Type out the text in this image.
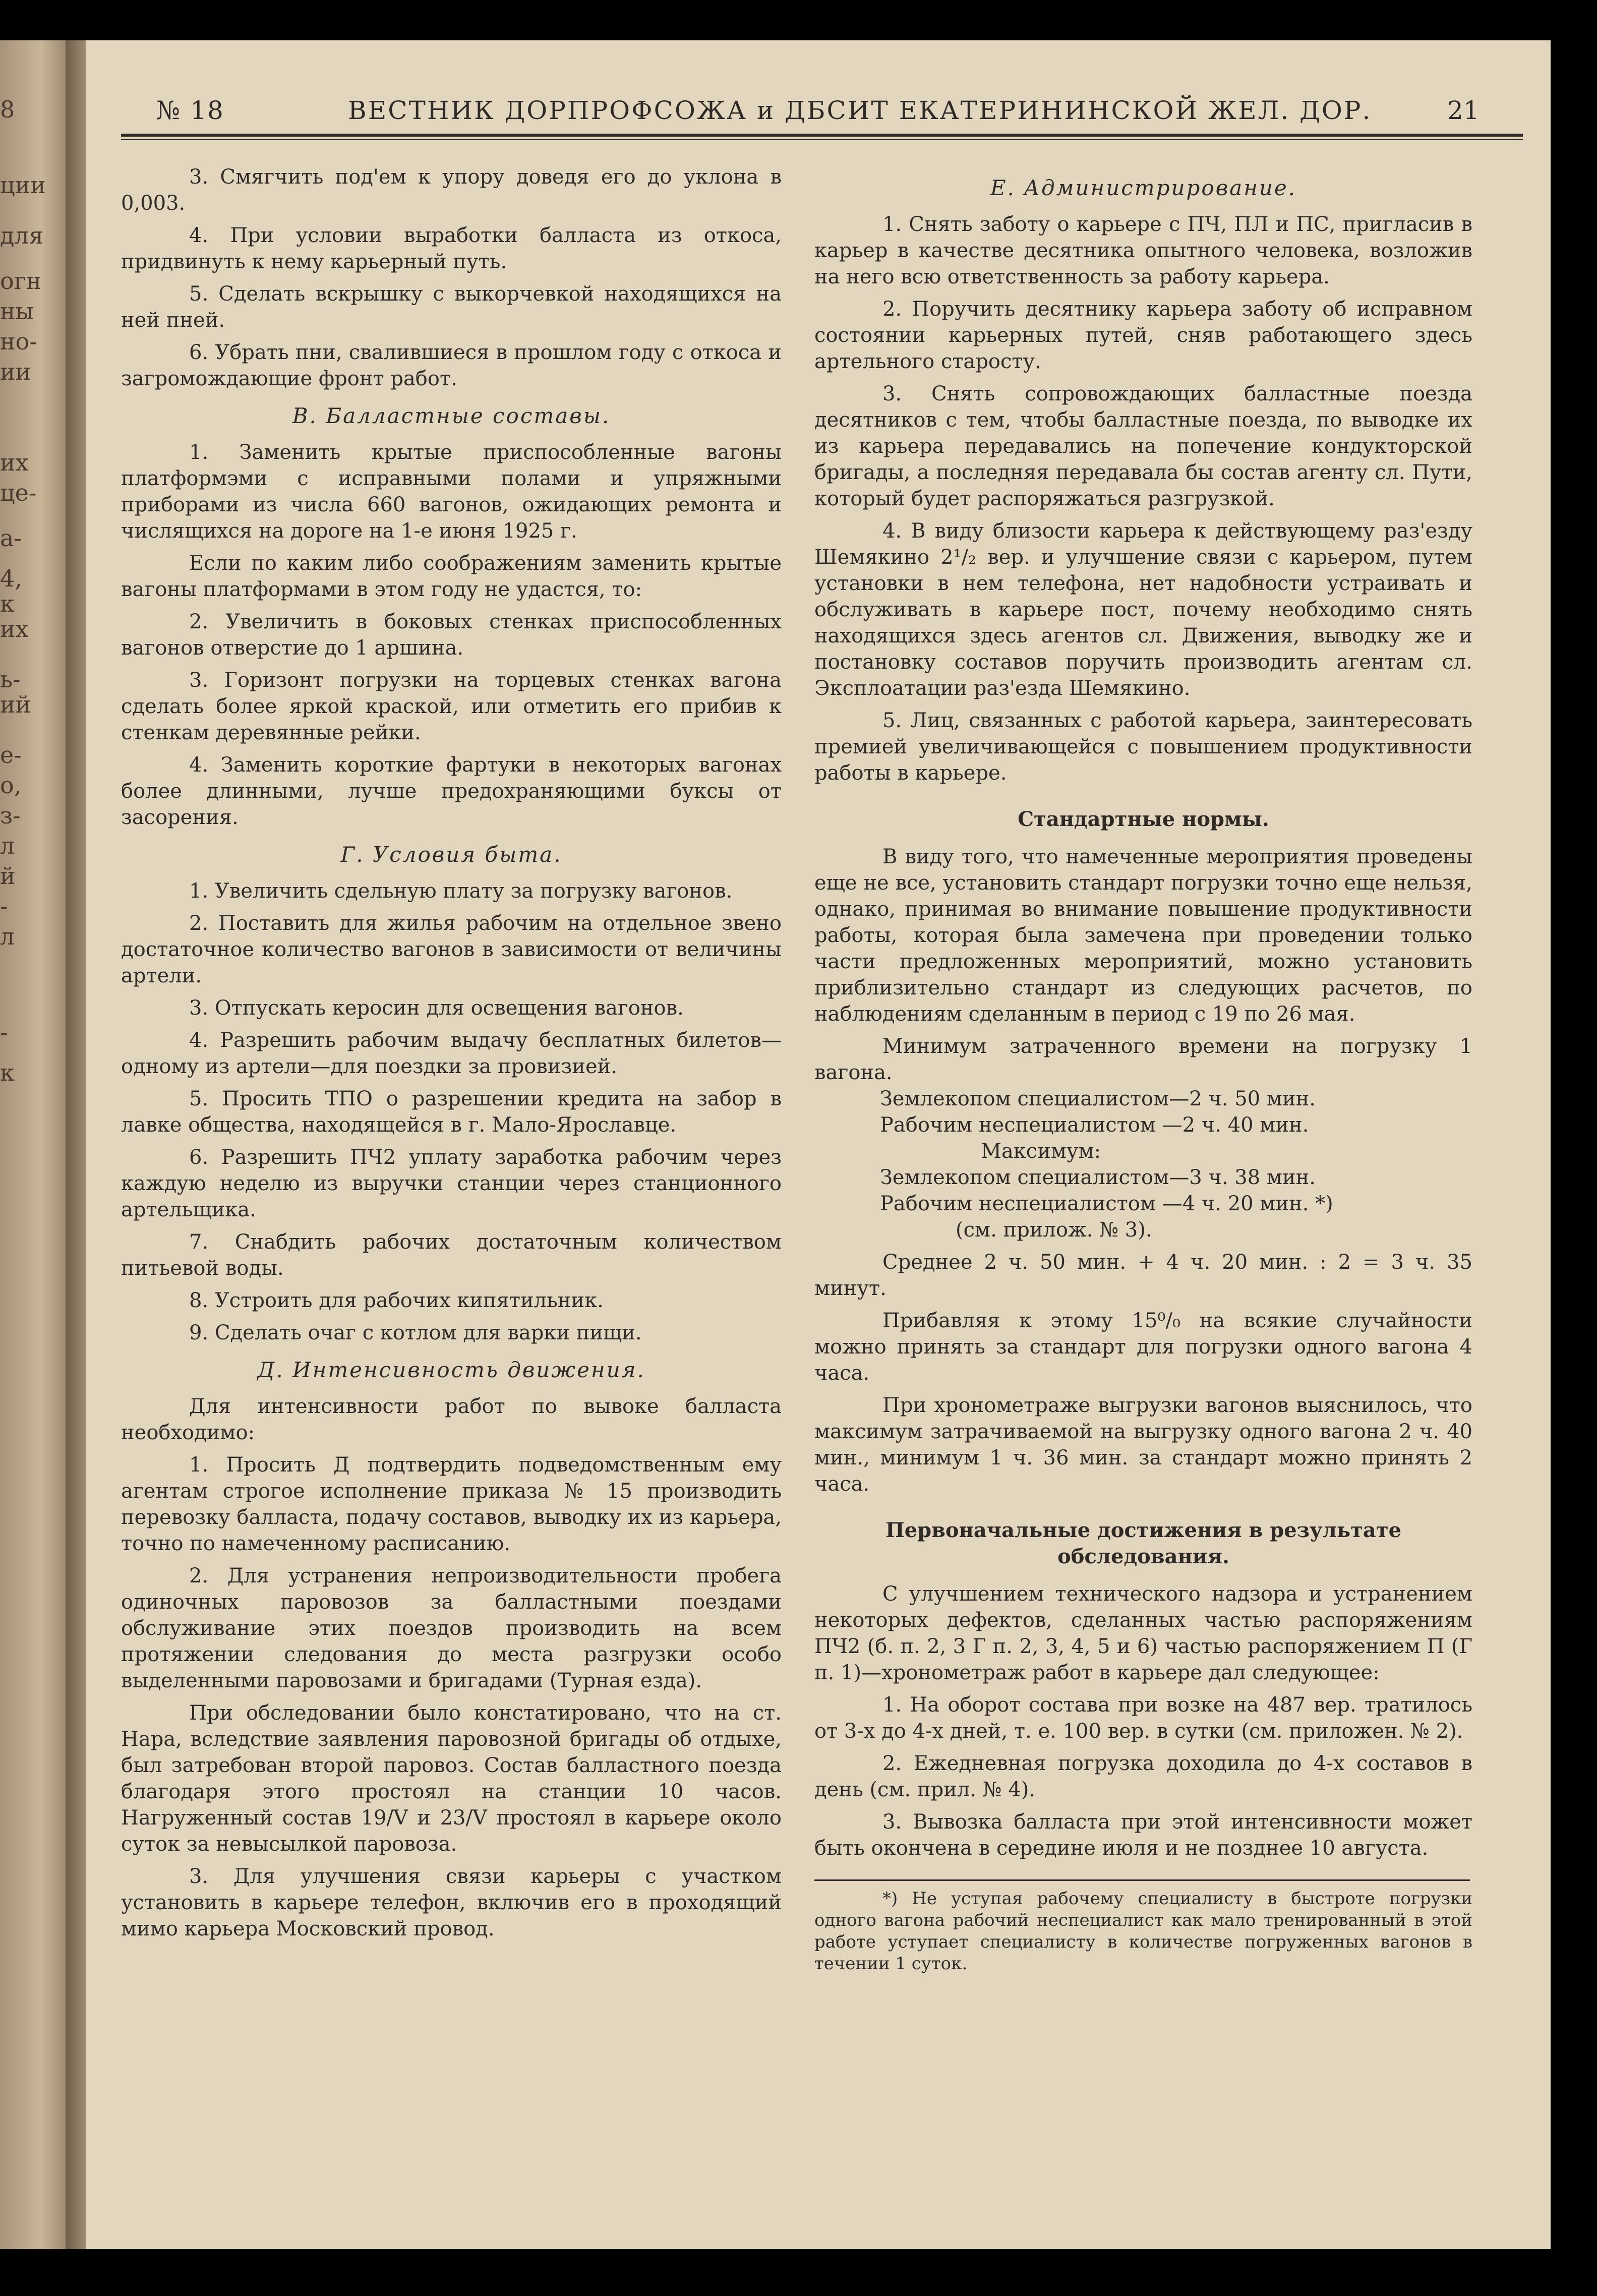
8
ции
для
огн
ны
но-
ии
их
це-
а-
4,
к
их
ь-
ий
е-
о,
з-
л
й
-
л
-
к
№ 18	ВЕСТНИК ДОРПРОФСОЖА и ДБСИТ ЕКАТЕРИНИНСКОЙ ЖЕЛ. ДОР.	21

3. Смягчить под'ем к упору доведя его до уклона в 0,003.

4. При условии выработки балласта из откоса, придвинуть к нему карьерный путь.

5. Сделать вскрышку с выкорчевкой находящихся на ней пней.

6. Убрать пни, свалившиеся в прошлом году с откоса и загромождающие фронт работ.

В. Балластные составы.

1. Заменить крытые приспособленные вагоны платформэми с исправными полами и упряжными приборами из числа 660 вагонов, ожидающих ремонта и числящихся на дороге на 1-е июня 1925 г.

Если по каким либо соображениям заменить крытые вагоны платформами в этом году не удастся, то:

2. Увеличить в боковых стенках приспособленных вагонов отверстие до 1 аршина.

3. Горизонт погрузки на торцевых стенках вагона сделать более яркой краской, или отметить его прибив к стенкам деревянные рейки.

4. Заменить короткие фартуки в некоторых вагонах более длинными, лучше предохраняющими буксы от засорения.

Г. Условия быта.

1. Увеличить сдельную плату за погрузку вагонов.

2. Поставить для жилья рабочим на отдельное звено достаточное количество вагонов в зависимости от величины артели.

3. Отпускать керосин для освещения вагонов.

4. Разрешить рабочим выдачу бесплатных билетов—одному из артели—для поездки за провизией.

5. Просить ТПО о разрешении кредита на забор в лавке общества, находящейся в г. Мало-Ярославце.

6. Разрешить ПЧ2 уплату заработка рабочим через каждую неделю из выручки станции через станционного артельщика.

7. Снабдить рабочих достаточным количеством питьевой воды.

8. Устроить для рабочих кипятильник.

9. Сделать очаг с котлом для варки пищи.

Д. Интенсивность движения.

Для интенсивности работ по вывоке балласта необходимо:

1. Просить Д подтвердить подведомственным ему агентам строгое исполнение приказа № 15 производить перевозку балласта, подачу составов, выводку их из карьера, точно по намеченному расписанию.

2. Для устранения непроизводительности пробега одиночных паровозов за балластными поездами обслуживание этих поездов производить на всем протяжении следования до места разгрузки особо выделенными паровозами и бригадами (Турная езда).

При обследовании было констатировано, что на ст. Нара, вследствие заявления паровозной бригады об отдыхе, был затребован второй паровоз. Состав балластного поезда благодаря этого простоял на станции 10 часов. Нагруженный состав 19/V и 23/V простоял в карьере около суток за невысылкой паровоза.

3. Для улучшения связи карьеры с участком установить в карьере телефон, включив его в проходящий мимо карьера Московский провод.

Е. Администрирование.

1. Снять заботу о карьере с ПЧ, ПЛ и ПС, пригласив в карьер в качестве десятника опытного человека, возложив на него всю ответственность за работу карьера.

2. Поручить десятнику карьера заботу об исправном состоянии карьерных путей, сняв работающего здесь артельного старосту.

3. Снять сопровождающих балластные поезда десятников с тем, чтобы балластные поезда, по выводке их из карьера передавались на попечение кондукторской бригады, а последняя передавала бы состав агенту сл. Пути, который будет распоряжаться разгрузкой.

4. В виду близости карьера к действующему раз'езду Шемякино 2¹/₂ вер. и улучшение связи с карьером, путем установки в нем телефона, нет надобности устраивать и обслуживать в карьере пост, почему необходимо снять находящихся здесь агентов сл. Движения, выводку же и постановку составов поручить производить агентам сл. Эксплоатации раз'езда Шемякино.

5. Лиц, связанных с работой карьера, заинтересовать премией увеличивающейся с повышением продуктивности работы в карьере.

Стандартные нормы.

В виду того, что намеченные мероприятия проведены еще не все, установить стандарт погрузки точно еще нельзя, однако, принимая во внимание повышение продуктивности работы, которая была замечена при проведении только части предложенных мероприятий, можно установить приблизительно стандарт из следующих расчетов, по наблюдениям сделанным в период с 19 по 26 мая.

Минимум затраченного времени на погрузку 1 вагона.

Землекопом специалистом—2 ч. 50 мин.

Рабочим неспециалистом —2 ч. 40 мин.

Максимум:

Землекопом специалистом—3 ч. 38 мин.

Рабочим неспециалистом —4 ч. 20 мин. *)

(см. прилож. № 3).

Среднее 2 ч. 50 мин. + 4 ч. 20 мин. : 2 = 3 ч. 35 минут.

Прибавляя к этому 15⁰/₀ на всякие случайности можно принять за стандарт для погрузки одного вагона 4 часа.

При хронометраже выгрузки вагонов выяснилось, что максимум затрачиваемой на выгрузку одного вагона 2 ч. 40 мин., минимум 1 ч. 36 мин. за стандарт можно принять 2 часа.

Первоначальные достижения в результате обследования.

С улучшением технического надзора и устранением некоторых дефектов, сделанных частью распоряжениям ПЧ2 (б. п. 2, 3 Г п. 2, 3, 4, 5 и 6) частью распоряжением П (Г п. 1)—хронометраж работ в карьере дал следующее:

1. На оборот состава при возке на 487 вер. тратилось от 3-х до 4-х дней, т. е. 100 вер. в сутки (см. приложен. № 2).

2. Ежедневная погрузка доходила до 4-х составов в день (см. прил. № 4).

3. Вывозка балласта при этой интенсивности может быть окончена в середине июля и не позднее 10 августа.

*) Не уступая рабочему специалисту в быстроте погрузки одного вагона рабочий неспециалист как мало тренированный в этой работе уступает специалисту в количестве погруженных вагонов в течении 1 суток.
